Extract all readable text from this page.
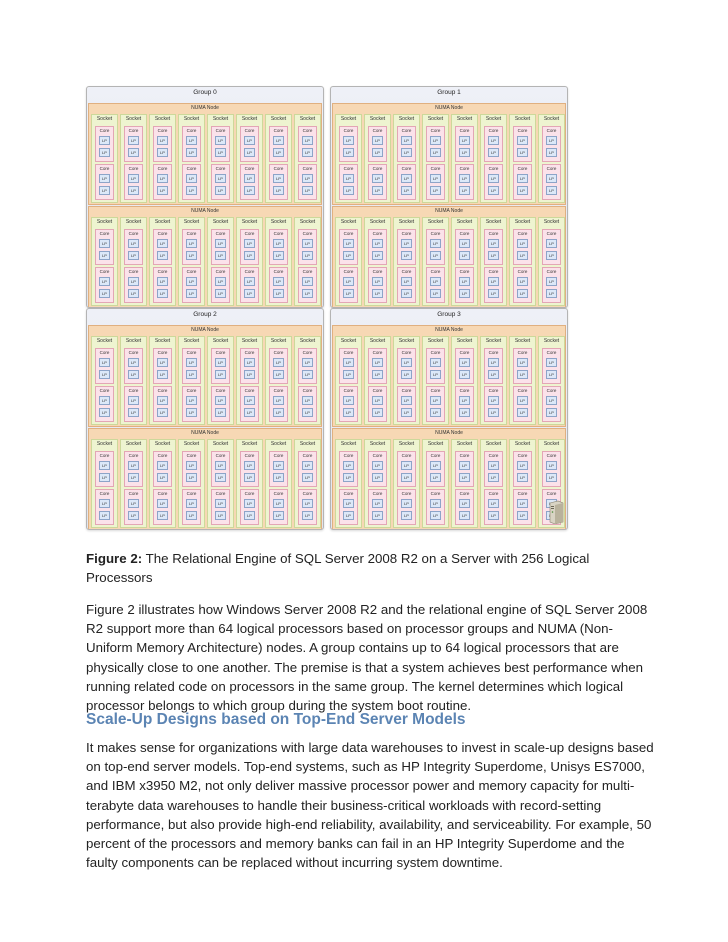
Group 0
NUMA Node
Socket
Core
LP
LP
Core
LP
LP
Socket
Core
LP
LP
Core
LP
LP
Socket
Core
LP
LP
Core
LP
LP
Socket
Core
LP
LP
Core
LP
LP
Socket
Core
LP
LP
Core
LP
LP
Socket
Core
LP
LP
Core
LP
LP
Socket
Core
LP
LP
Core
LP
LP
Socket
Core
LP
LP
Core
LP
LP
NUMA Node
Socket
Core
LP
LP
Core
LP
LP
Socket
Core
LP
LP
Core
LP
LP
Socket
Core
LP
LP
Core
LP
LP
Socket
Core
LP
LP
Core
LP
LP
Socket
Core
LP
LP
Core
LP
LP
Socket
Core
LP
LP
Core
LP
LP
Socket
Core
LP
LP
Core
LP
LP
Socket
Core
LP
LP
Core
LP
LP
Group 1
NUMA Node
Socket
Core
LP
LP
Core
LP
LP
Socket
Core
LP
LP
Core
LP
LP
Socket
Core
LP
LP
Core
LP
LP
Socket
Core
LP
LP
Core
LP
LP
Socket
Core
LP
LP
Core
LP
LP
Socket
Core
LP
LP
Core
LP
LP
Socket
Core
LP
LP
Core
LP
LP
Socket
Core
LP
LP
Core
LP
LP
NUMA Node
Socket
Core
LP
LP
Core
LP
LP
Socket
Core
LP
LP
Core
LP
LP
Socket
Core
LP
LP
Core
LP
LP
Socket
Core
LP
LP
Core
LP
LP
Socket
Core
LP
LP
Core
LP
LP
Socket
Core
LP
LP
Core
LP
LP
Socket
Core
LP
LP
Core
LP
LP
Socket
Core
LP
LP
Core
LP
LP
Group 2
NUMA Node
Socket
Core
LP
LP
Core
LP
LP
Socket
Core
LP
LP
Core
LP
LP
Socket
Core
LP
LP
Core
LP
LP
Socket
Core
LP
LP
Core
LP
LP
Socket
Core
LP
LP
Core
LP
LP
Socket
Core
LP
LP
Core
LP
LP
Socket
Core
LP
LP
Core
LP
LP
Socket
Core
LP
LP
Core
LP
LP
NUMA Node
Socket
Core
LP
LP
Core
LP
LP
Socket
Core
LP
LP
Core
LP
LP
Socket
Core
LP
LP
Core
LP
LP
Socket
Core
LP
LP
Core
LP
LP
Socket
Core
LP
LP
Core
LP
LP
Socket
Core
LP
LP
Core
LP
LP
Socket
Core
LP
LP
Core
LP
LP
Socket
Core
LP
LP
Core
LP
LP
Group 3
NUMA Node
Socket
Core
LP
LP
Core
LP
LP
Socket
Core
LP
LP
Core
LP
LP
Socket
Core
LP
LP
Core
LP
LP
Socket
Core
LP
LP
Core
LP
LP
Socket
Core
LP
LP
Core
LP
LP
Socket
Core
LP
LP
Core
LP
LP
Socket
Core
LP
LP
Core
LP
LP
Socket
Core
LP
LP
Core
LP
LP
NUMA Node
Socket
Core
LP
LP
Core
LP
LP
Socket
Core
LP
LP
Core
LP
LP
Socket
Core
LP
LP
Core
LP
LP
Socket
Core
LP
LP
Core
LP
LP
Socket
Core
LP
LP
Core
LP
LP
Socket
Core
LP
LP
Core
LP
LP
Socket
Core
LP
LP
Core
LP
LP
Socket
Core
LP
LP
Core
Figure 2: The Relational Engine of SQL Server 2008 R2 on a Server with 256 Logical Processors

Figure 2 illustrates how Windows Server 2008 R2 and the relational engine of SQL Server 2008 R2 support more than 64 logical processors based on processor groups and NUMA (Non-Uniform Memory Architecture) nodes. A group contains up to 64 logical processors that are physically close to one another. The premise is that a system achieves best performance when running related code on processors in the same group. The kernel determines which logical processor belongs to which group during the system boot routine.

Scale-Up Designs based on Top-End Server Models

It makes sense for organizations with large data warehouses to invest in scale-up designs based on top-end server models. Top-end systems, such as HP Integrity Superdome, Unisys ES7000, and IBM x3950 M2, not only deliver massive processor power and memory capacity for multi-terabyte data warehouses to handle their business-critical workloads with record-setting performance, but also provide high-end reliability, availability, and serviceability. For example, 50 percent of the processors and memory banks can fail in an HP Integrity Superdome and the faulty components can be replaced without incurring system downtime.
